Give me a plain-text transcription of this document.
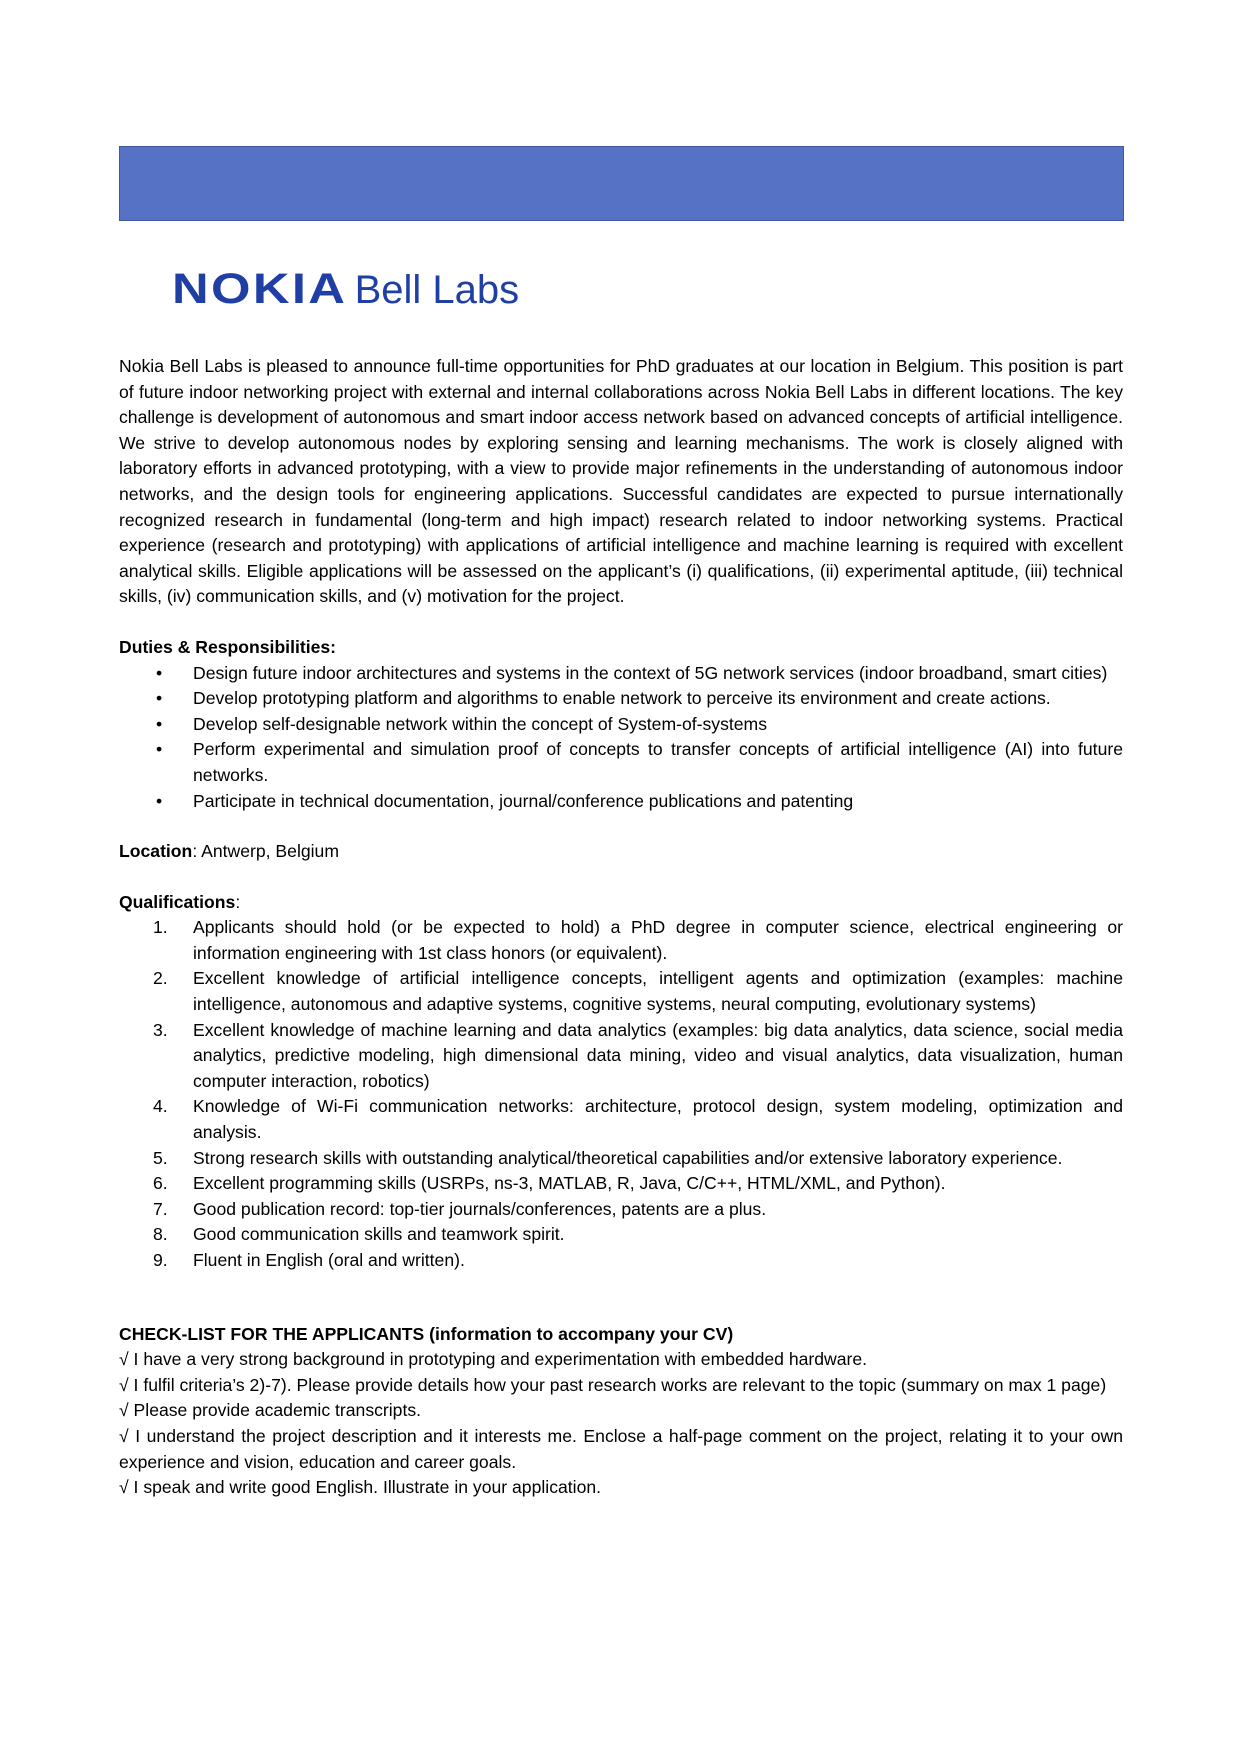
NOKIA Bell Labs

Nokia Bell Labs is pleased to announce full-time opportunities for PhD graduates at our location in Belgium. This position is part of future indoor networking project with external and internal collaborations across Nokia Bell Labs in different locations. The key challenge is development of autonomous and smart indoor access network based on advanced concepts of artificial intelligence. We strive to develop autonomous nodes by exploring sensing and learning mechanisms. The work is closely aligned with laboratory efforts in advanced prototyping, with a view to provide major refinements in the understanding of autonomous indoor networks, and the design tools for engineering applications. Successful candidates are expected to pursue internationally recognized research in fundamental (long-term and high impact) research related to indoor networking systems. Practical experience (research and prototyping) with applications of artificial intelligence and machine learning is required with excellent analytical skills. Eligible applications will be assessed on the applicant’s (i) qualifications, (ii) experimental aptitude, (iii) technical skills, (iv) communication skills, and (v) motivation for the project.

Duties & Responsibilities:

• Design future indoor architectures and systems in the context of 5G network services (indoor broadband, smart cities)
• Develop prototyping platform and algorithms to enable network to perceive its environment and create actions.
• Develop self-designable network within the concept of System-of-systems
• Perform experimental and simulation proof of concepts to transfer concepts of artificial intelligence (AI) into future networks.
• Participate in technical documentation, journal/conference publications and patenting

Location: Antwerp, Belgium

Qualifications:

1. Applicants should hold (or be expected to hold) a PhD degree in computer science, electrical engineering or information engineering with 1st class honors (or equivalent).
2. Excellent knowledge of artificial intelligence concepts, intelligent agents and optimization (examples: machine intelligence, autonomous and adaptive systems, cognitive systems, neural computing, evolutionary systems)
3. Excellent knowledge of machine learning and data analytics (examples: big data analytics, data science, social media analytics, predictive modeling, high dimensional data mining, video and visual analytics, data visualization, human computer interaction, robotics)
4. Knowledge of Wi-Fi communication networks: architecture, protocol design, system modeling, optimization and analysis.
5. Strong research skills with outstanding analytical/theoretical capabilities and/or extensive laboratory experience.
6. Excellent programming skills (USRPs, ns-3, MATLAB, R, Java, C/C++, HTML/XML, and Python).
7. Good publication record: top-tier journals/conferences, patents are a plus.
8. Good communication skills and teamwork spirit.
9. Fluent in English (oral and written).

CHECK-LIST FOR THE APPLICANTS (information to accompany your CV)

√ I have a very strong background in prototyping and experimentation with embedded hardware.

√ I fulfil criteria’s 2)-7). Please provide details how your past research works are relevant to the topic (summary on max 1 page)

√ Please provide academic transcripts.

√ I understand the project description and it interests me. Enclose a half-page comment on the project, relating it to your own experience and vision, education and career goals.

√ I speak and write good English. Illustrate in your application.
